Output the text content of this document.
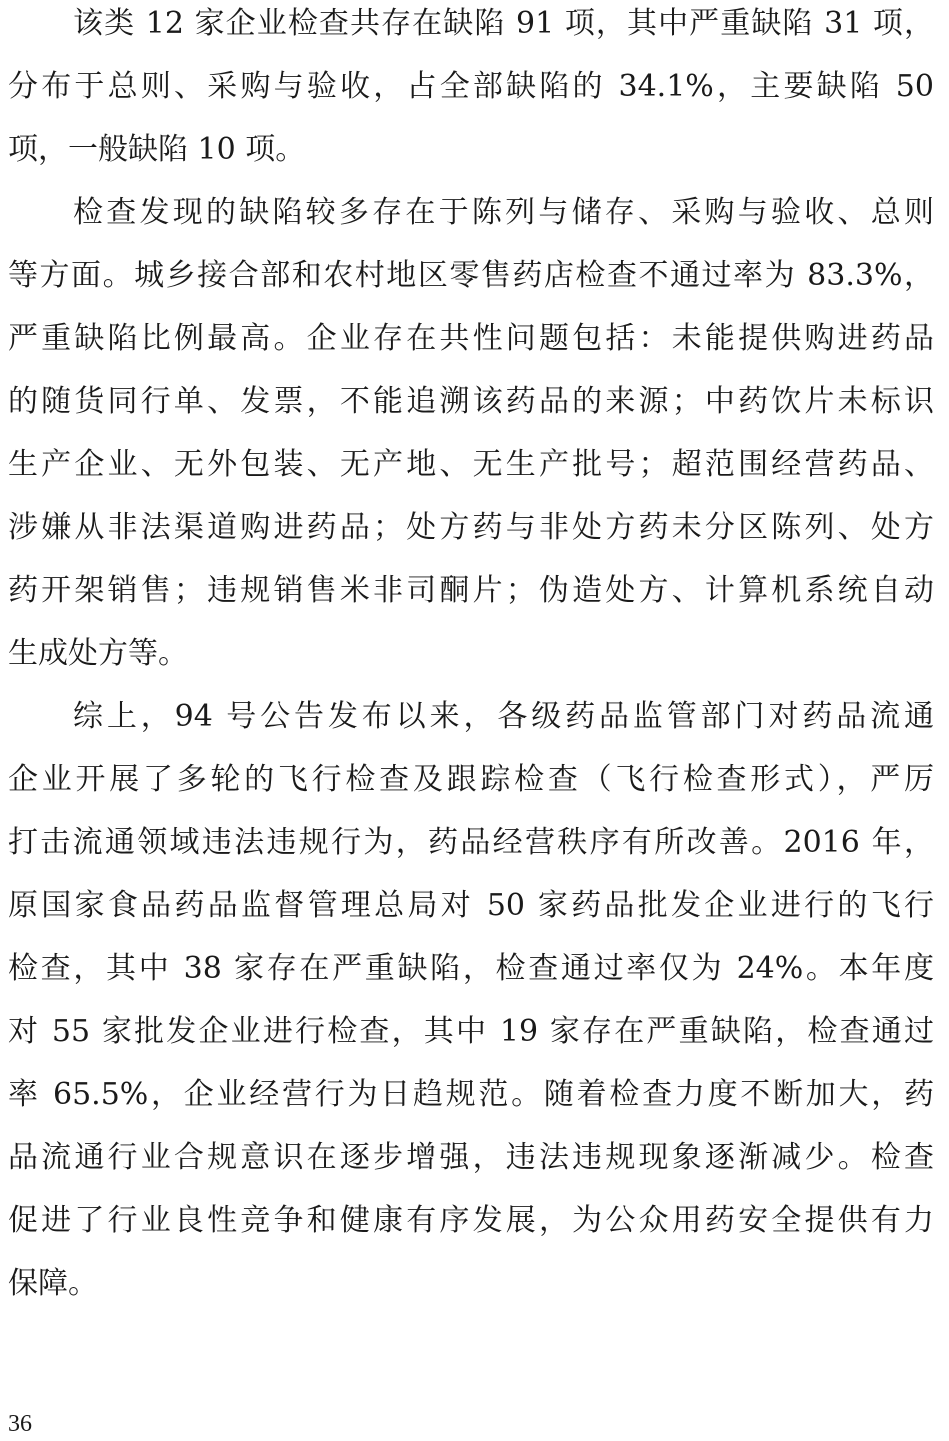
该类 12 家企业检查共存在缺陷 91 项，其中严重缺陷 31 项，
分布于总则、采购与验收，占全部缺陷的 34.1%，主要缺陷 50
项，一般缺陷 10 项。
检查发现的缺陷较多存在于陈列与储存、采购与验收、总则
等方面。城乡接合部和农村地区零售药店检查不通过率为 83.3%，
严重缺陷比例最高。企业存在共性问题包括：未能提供购进药品
的随货同行单、发票，不能追溯该药品的来源；中药饮片未标识
生产企业、无外包装、无产地、无生产批号；超范围经营药品、
涉嫌从非法渠道购进药品；处方药与非处方药未分区陈列、处方
药开架销售；违规销售米非司酮片；伪造处方、计算机系统自动
生成处方等。
综上，94 号公告发布以来，各级药品监管部门对药品流通
企业开展了多轮的飞行检查及跟踪检查（飞行检查形式），严厉
打击流通领域违法违规行为，药品经营秩序有所改善。2016 年，
原国家食品药品监督管理总局对 50 家药品批发企业进行的飞行
检查，其中 38 家存在严重缺陷，检查通过率仅为 24%。本年度
对 55 家批发企业进行检查，其中 19 家存在严重缺陷，检查通过
率 65.5%，企业经营行为日趋规范。随着检查力度不断加大，药
品流通行业合规意识在逐步增强，违法违规现象逐渐减少。检查
促进了行业良性竞争和健康有序发展，为公众用药安全提供有力
保障。
36
